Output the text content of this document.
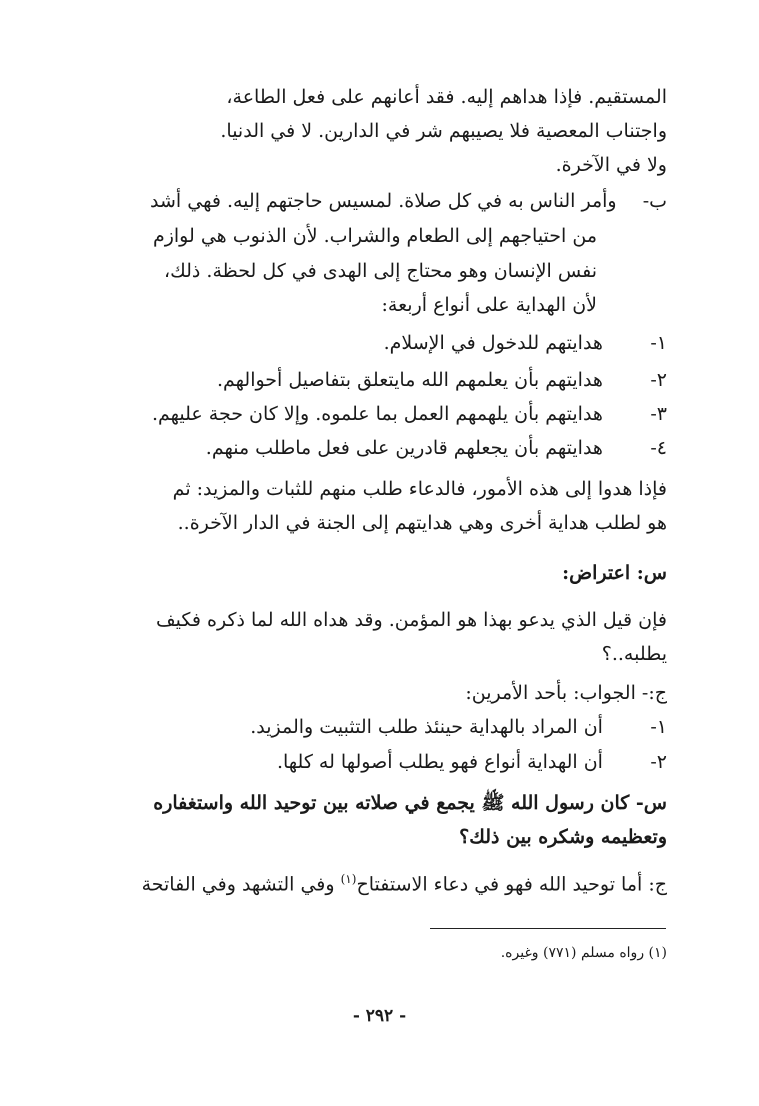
المستقيم. فإذا هداهم إليه. فقد أعانهم على فعل الطاعة،
واجتناب المعصية فلا يصيبهم شر في الدارين. لا في الدنيا.
ولا في الآخرة.
ب-  وأمر الناس به في كل صلاة. لمسيس حاجتهم إليه. فهي أشد
من احتياجهم إلى الطعام والشراب. لأن الذنوب هي لوازم
نفس الإنسان وهو محتاج إلى الهدى في كل لحظة. ذلك،
لأن الهداية على أنواع أربعة:
١- هدايتهم للدخول في الإسلام.
٢- هدايتهم بأن يعلمهم الله مايتعلق بتفاصيل أحوالهم.
٣- هدايتهم بأن يلهمهم العمل بما علموه. وإلا كان حجة عليهم.
٤- هدايتهم بأن يجعلهم قادرين على فعل ماطلب منهم.
فإذا هدوا إلى هذه الأمور، فالدعاء طلب منهم للثبات والمزيد: ثم
هو لطلب هداية أخرى وهي هدايتهم إلى الجنة في الدار الآخرة..
س: اعتراض:
فإن قيل الذي يدعو بهذا هو المؤمن. وقد هداه الله لما ذكره فكيف
يطلبه..؟
ج:- الجواب: بأحد الأمرين:
١- أن المراد بالهداية حينئذ طلب التثبيت والمزيد.
٢- أن الهداية أنواع فهو يطلب أصولها له كلها.
س- كان رسول الله ﷺ يجمع في صلاته بين توحيد الله واستغفاره
وتعظيمه وشكره بين ذلك؟
ج: أما توحيد الله فهو في دعاء الاستفتاح$^{(١)}$ وفي التشهد وفي الفاتحة
(١) رواه مسلم (٧٧١) وغيره.
- ٢٩٢ -
